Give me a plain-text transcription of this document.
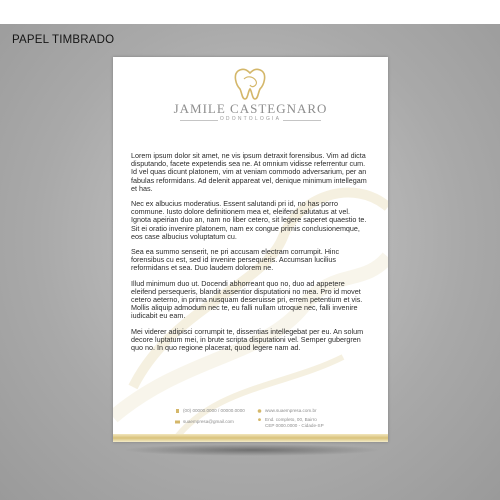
PAPEL TIMBRADO
JAMILE CASTEGNARO
ODONTOLOGIA

Lorem ipsum dolor sit amet, ne vis ipsum detraxit forensibus. Vim ad dicta disputando, facete expetendis sea ne. At omnium vidisse referrentur cum. Id vel quas dicunt platonem, vim at veniam commodo adversarium, per an fabulas reformidans. Ad delenit appareat vel, denique minimum intellegam et has.

Nec ex albucius moderatius. Essent salutandi pri id, no has porro commune. Iusto dolore definitionem mea et, eleifend salutatus at vel. Ignota apeirian duo an, nam no liber cetero, sit legere saperet quaestio te. Sit ei oratio invenire platonem, nam ex congue primis conclusionemque, eos case albucius voluptatum cu.

Sea ea summo senserit, ne pri accusam electram corrumpit. Hinc forensibus cu est, sed id invenire persequeris. Accumsan lucilius reformidans et sea. Duo laudem dolorem ne.

Illud minimum duo ut. Docendi abhorreant quo no, duo ad appetere eleifend persequeris, blandit assentior disputationi no mea. Pro id movet cetero aeterno, in prima nusquam deseruisse pri, errem petentium et vis. Mollis aliquip admodum nec te, eu falli nullam utroque nec, falli invenire iudicabit eu eam.

Mei viderer adipisci corrumpit te, dissentias intellegebat per eu. An solum decore luptatum mei, in brute scripta disputationi vel. Semper gubergren quo no. In quo regione placerat, quod legere nam ad.

(00) 00000.0000 / 00000.0000	www.suaempresa.com.br
suaempresa@gmail.com	End. completo, 00, Bairro
CEP 0000.0000 - Cidade-SP
